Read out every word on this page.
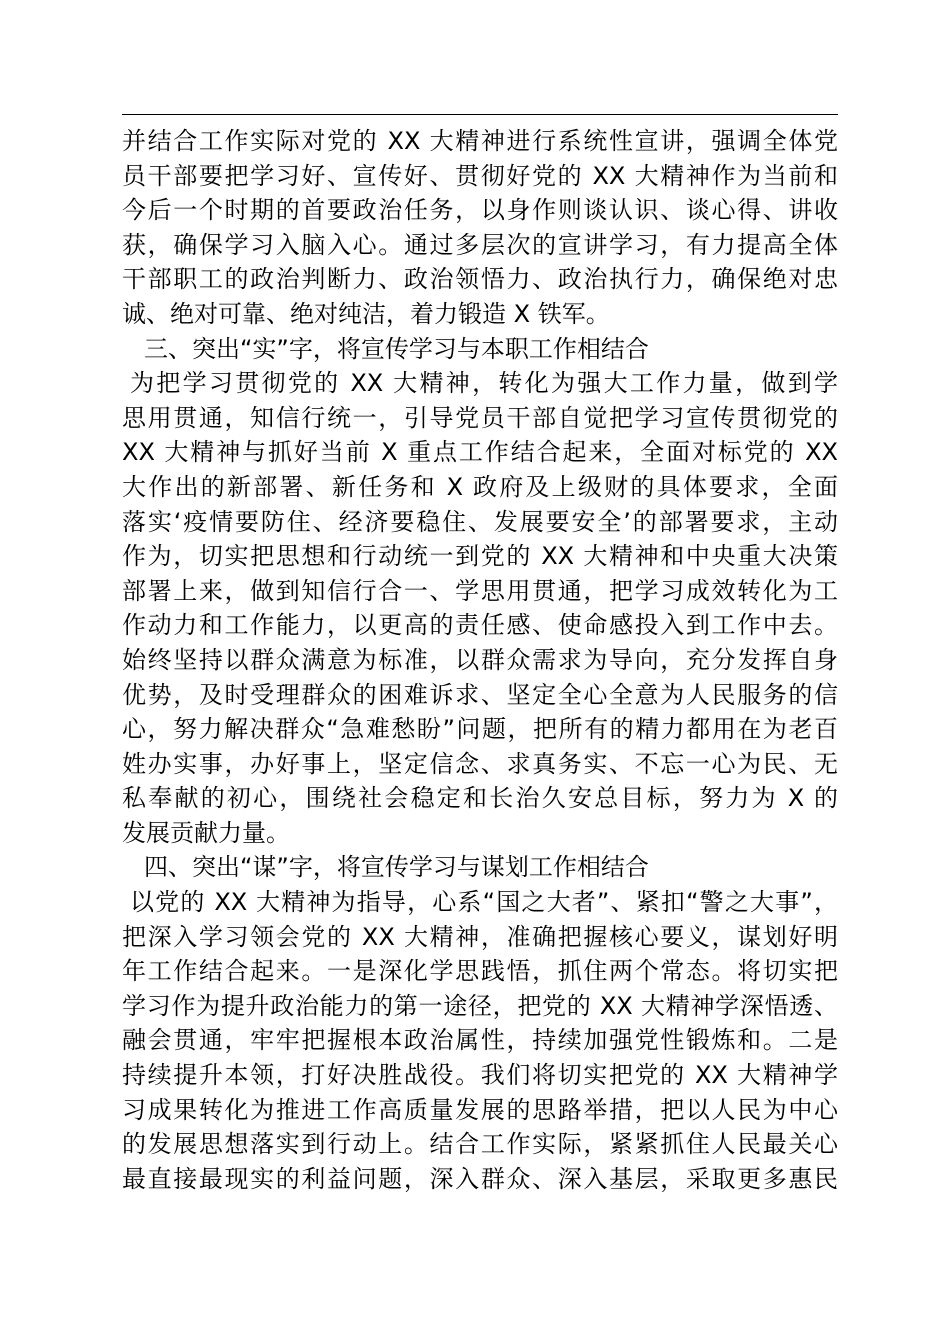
并结合工作实际对党的 XX 大精神进行系统性宣讲，强调全体党
员干部要把学习好、宣传好、贯彻好党的 XX 大精神作为当前和
今后一个时期的首要政治任务，以身作则谈认识、谈心得、讲收
获，确保学习入脑入心。通过多层次的宣讲学习，有力提高全体
干部职工的政治判断力、政治领悟力、政治执行力，确保绝对忠
诚、绝对可靠、绝对纯洁，着力锻造 X 铁军。
三、突出“实”字，将宣传学习与本职工作相结合
为把学习贯彻党的 XX 大精神，转化为强大工作力量，做到学
思用贯通，知信行统一，引导党员干部自觉把学习宣传贯彻党的
XX 大精神与抓好当前 X 重点工作结合起来，全面对标党的 XX
大作出的新部署、新任务和 X 政府及上级财的具体要求，全面
落实‘疫情要防住、经济要稳住、发展要安全’的部署要求，主动
作为，切实把思想和行动统一到党的 XX 大精神和中央重大决策
部署上来，做到知信行合一、学思用贯通，把学习成效转化为工
作动力和工作能力，以更高的责任感、使命感投入到工作中去。
始终坚持以群众满意为标准，以群众需求为导向，充分发挥自身
优势，及时受理群众的困难诉求、坚定全心全意为人民服务的信
心，努力解决群众“急难愁盼”问题，把所有的精力都用在为老百
姓办实事，办好事上，坚定信念、求真务实、不忘一心为民、无
私奉献的初心，围绕社会稳定和长治久安总目标，努力为 X 的
发展贡献力量。
四、突出“谋”字，将宣传学习与谋划工作相结合
以党的 XX 大精神为指导，心系“国之大者”、紧扣“警之大事”，
把深入学习领会党的 XX 大精神，准确把握核心要义，谋划好明
年工作结合起来。一是深化学思践悟，抓住两个常态。将切实把
学习作为提升政治能力的第一途径，把党的 XX 大精神学深悟透、
融会贯通，牢牢把握根本政治属性，持续加强党性锻炼和。二是
持续提升本领，打好决胜战役。我们将切实把党的 XX 大精神学
习成果转化为推进工作高质量发展的思路举措，把以人民为中心
的发展思想落实到行动上。结合工作实际，紧紧抓住人民最关心
最直接最现实的利益问题，深入群众、深入基层，采取更多惠民
